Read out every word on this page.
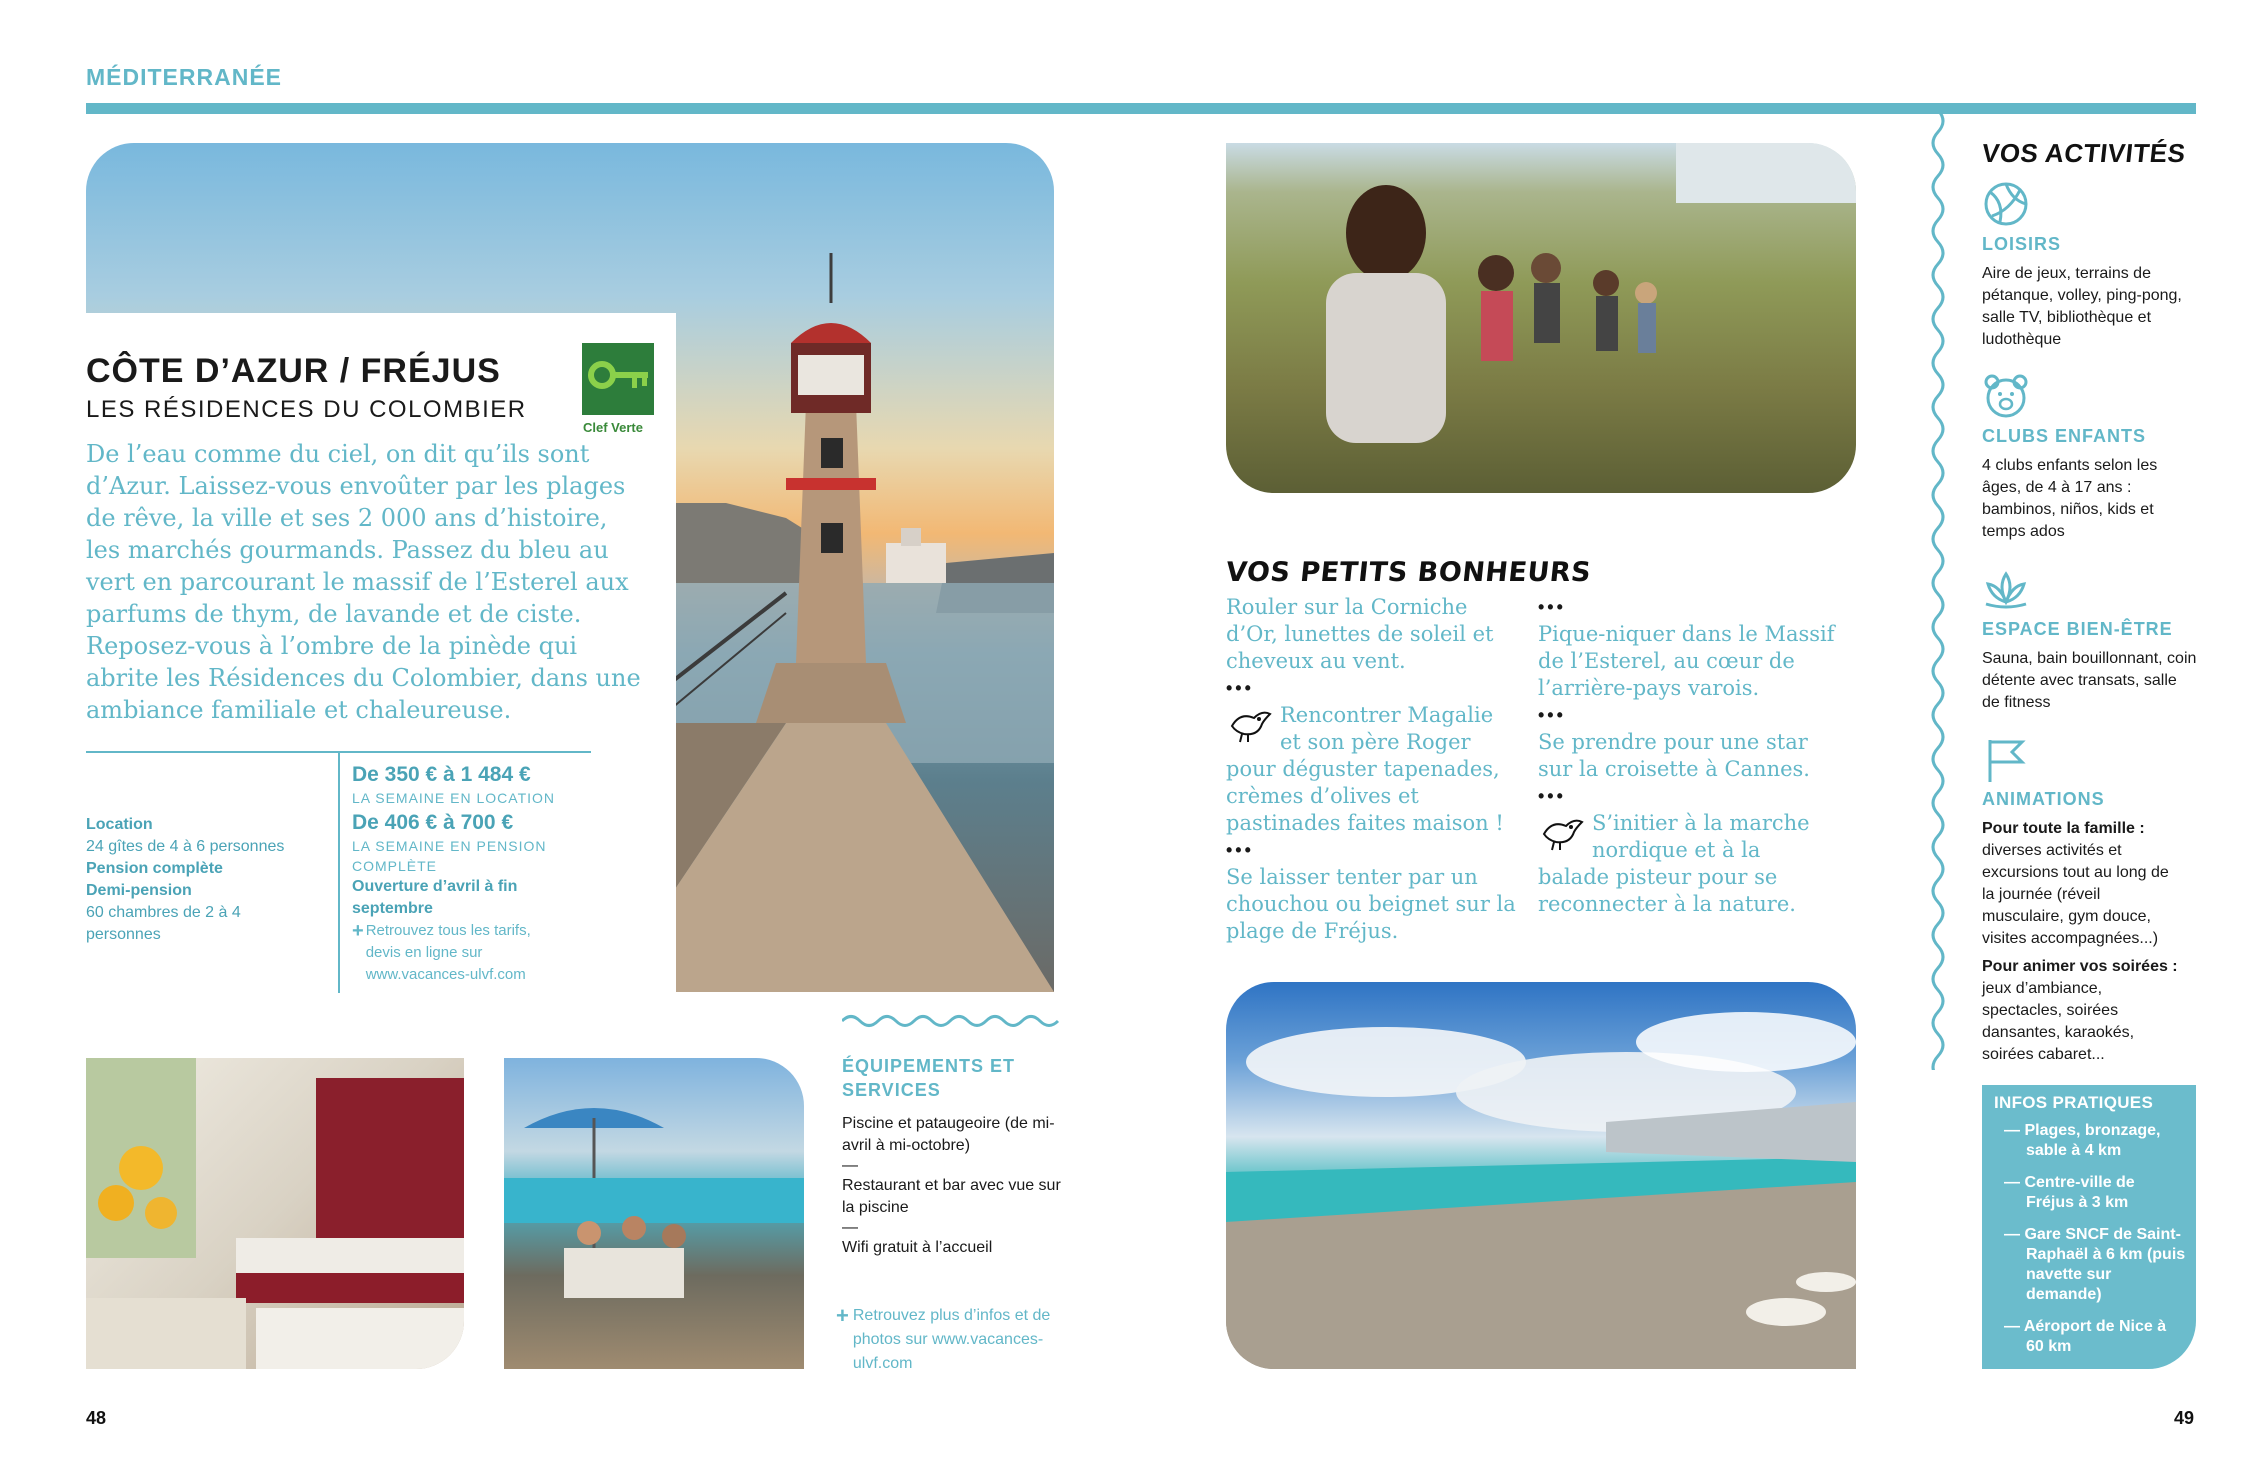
MÉDITERRANÉE
CÔTE D’AZUR / FRÉJUS
LES RÉSIDENCES DU COLOMBIER
Clef Verte
De l’eau comme du ciel, on dit qu’ils sont d’Azur. Laissez-vous envoûter par les plages de rêve, la ville et ses 2 000 ans d’histoire, les marchés gourmands. Passez du bleu au vert en parcourant le massif de l’Esterel aux parfums de thym, de lavande et de ciste. Reposez-vous à l’ombre de la pinède qui abrite les Résidences du Colombier, dans une ambiance familiale et chaleureuse.
Location
24 gîtes de 4 à 6 personnes
Pension complète
Demi-pension
60 chambres de 2 à 4 personnes
De 350 € à 1 484 €
LA SEMAINE EN LOCATION
De 406 € à 700 €
LA SEMAINE EN PENSION COMPLÈTE
Ouverture d’avril à fin septembre
+ Retrouvez tous les tarifs, devis en ligne sur www.vacances-ulvf.com
ÉQUIPEMENTS ET SERVICES
Piscine et pataugeoire (de mi-avril à mi-octobre)
—
Restaurant et bar avec vue sur la piscine
—
Wifi gratuit à l’accueil
+ Retrouvez plus d’infos et de photos sur www.vacances-ulvf.com
VOS PETITS BONHEURS
Rouler sur la Corniche d’Or, lunettes de soleil et cheveux au vent.
•••
Rencontrer Magalie et son père Roger pour déguster tapenades, crèmes d’olives et pastinades faites maison !
•••
Se laisser tenter par un chouchou ou beignet sur la plage de Fréjus.
•••
Pique-niquer dans le Massif de l’Esterel, au cœur de l’arrière-pays varois.
•••
Se prendre pour une star sur la croisette à Cannes.
•••
S’initier à la marche nordique et à la balade pisteur pour se reconnecter à la nature.
VOS ACTIVITÉS
LOISIRS
Aire de jeux, terrains de pétanque, volley, ping-pong, salle TV, bibliothèque et ludothèque
CLUBS ENFANTS
4 clubs enfants selon les âges, de 4 à 17 ans : bambinos, niños, kids et temps ados
ESPACE BIEN-ÊTRE
Sauna, bain bouillonnant, coin détente avec transats, salle de fitness
ANIMATIONS
Pour toute la famille :
diverses activités et excursions tout au long de la journée (réveil musculaire, gym douce, visites accompagnées...)
Pour animer vos soirées :
jeux d’ambiance, spectacles, soirées dansantes, karaokés, soirées cabaret...
INFOS PRATIQUES
— Plages, bronzage, sable à 4 km
— Centre-ville de Fréjus à 3 km
— Gare SNCF de Saint-Raphaël à 6 km (puis navette sur demande)
— Aéroport de Nice à 60 km
48	49
